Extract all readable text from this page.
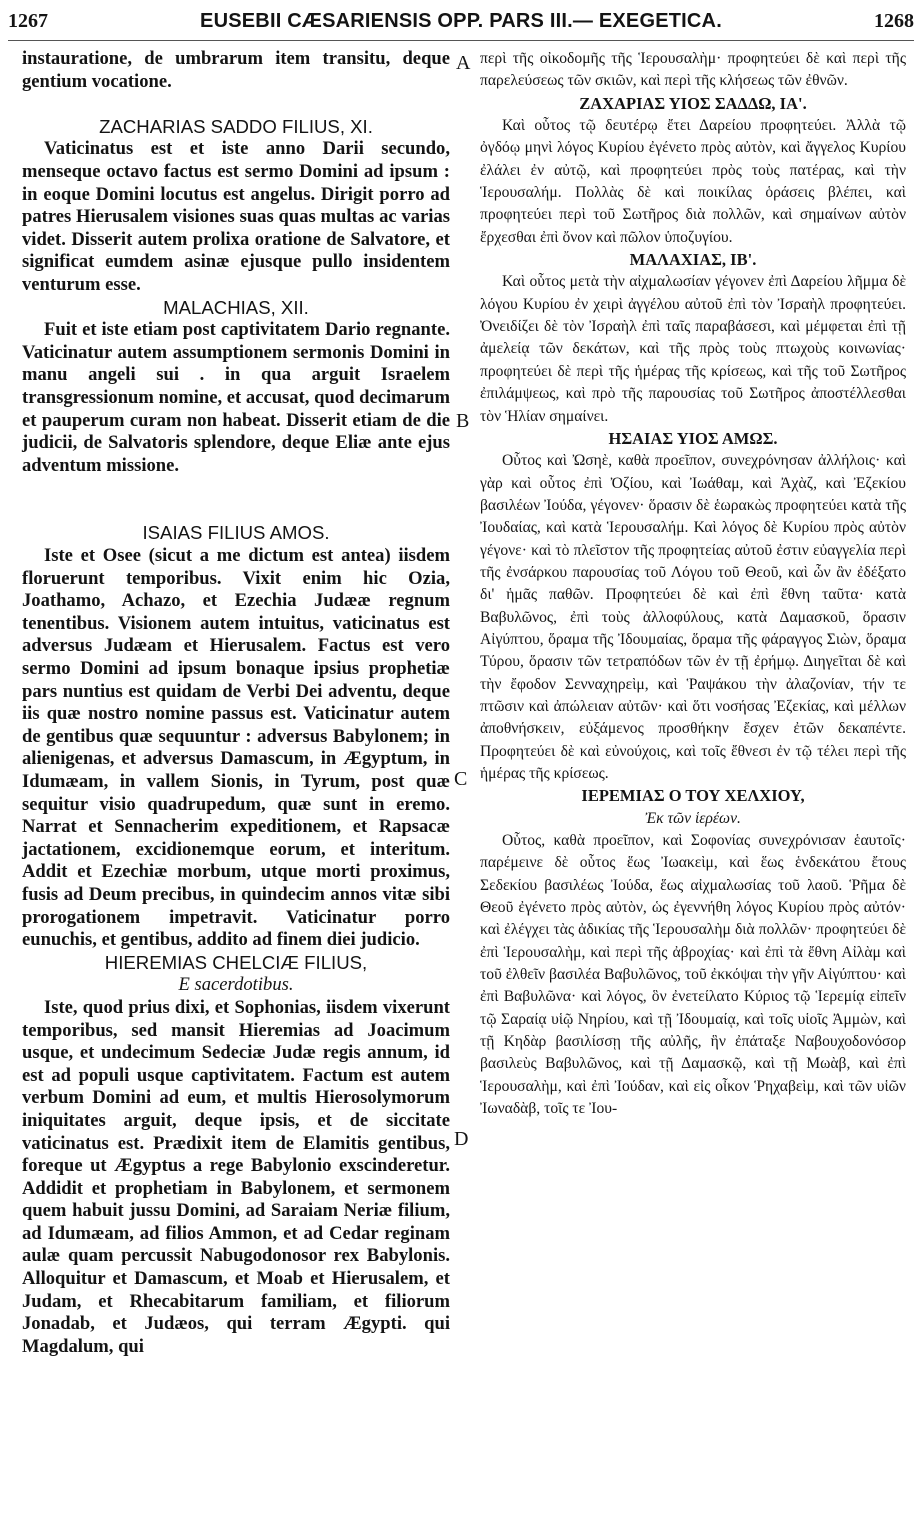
1267	EUSEBII CÆSARIENSIS OPP. PARS III.— EXEGETICA.	1268
A
B
C
D

instauratione, de umbrarum item transitu, deque gentium vocatione.

ZACHARIAS SADDO FILIUS, XI.

Vaticinatus est et iste anno Darii secundo, menseque octavo factus est sermo Domini ad ipsum : in eoque Domini locutus est angelus. Dirigit porro ad patres Hierusalem visiones suas quas multas ac varias videt. Disserit autem prolixa oratione de Salvatore, et significat eumdem asinæ ejusque pullo insidentem venturum esse.

MALACHIAS, XII.

Fuit et iste etiam post captivitatem Dario regnante. Vaticinatur autem assumptionem sermonis Domini in manu angeli sui . in qua arguit Israelem transgressionum nomine, et accusat, quod decimarum et pauperum curam non habeat. Disserit etiam de die judicii, de Salvatoris splendore, deque Eliæ ante ejus adventum missione.

ISAIAS FILIUS AMOS.

Iste et Osee (sicut a me dictum est antea) iisdem floruerunt temporibus. Vixit enim hic Ozia, Joathamo, Achazo, et Ezechia Judææ regnum tenentibus. Visionem autem intuitus, vaticinatus est adversus Judæam et Hierusalem. Factus est vero sermo Domini ad ipsum bonaque ipsius prophetiæ pars nuntius est quidam de Verbi Dei adventu, deque iis quæ nostro nomine passus est. Vaticinatur autem de gentibus quæ sequuntur : adversus Babylonem; in alienigenas, et adversus Damascum, in Ægyptum, in Idumæam, in vallem Sionis, in Tyrum, post quæ sequitur visio quadrupedum, quæ sunt in eremo. Narrat et Sennacherim expeditionem, et Rapsacæ jactationem, excidionemque eorum, et interitum. Addit et Ezechiæ morbum, utque morti proximus, fusis ad Deum precibus, in quindecim annos vitæ sibi prorogationem impetravit. Vaticinatur porro eunuchis, et gentibus, addito ad finem diei judicio.

HIEREMIAS CHELCIÆ FILIUS,
E sacerdotibus.

Iste, quod prius dixi, et Sophonias, iisdem vixerunt temporibus, sed mansit Hieremias ad Joacimum usque, et undecimum Sedeciæ Judæ regis annum, id est ad populi usque captivitatem. Factum est autem verbum Domini ad eum, et multis Hierosolymorum iniquitates arguit, deque ipsis, et de siccitate vaticinatus est. Prædixit item de Elamitis gentibus, foreque ut Ægyptus a rege Babylonio exscinderetur. Addidit et prophetiam in Babylonem, et sermonem quem habuit jussu Domini, ad Saraiam Neriæ filium, ad Idumæam, ad filios Ammon, et ad Cedar reginam aulæ quam percussit Nabugodonosor rex Babylonis. Alloquitur et Damascum, et Moab et Hierusalem, et Judam, et Rhecabitarum familiam, et filiorum Jonadab, et Judæos, qui terram Ægypti. qui Magdalum, qui

περὶ τῆς οἰκοδομῆς τῆς Ἱερουσαλὴμ· προφητεύει δὲ καὶ περὶ τῆς παρελεύσεως τῶν σκιῶν, καὶ περὶ τῆς κλήσεως τῶν ἐθνῶν.

ΖΑΧΑΡΙΑΣ ΥΙΟΣ ΣΑΔΔΩ, ΙΑ'.

Καὶ οὗτος τῷ δευτέρῳ ἔτει Δαρείου προφητεύει. Ἀλλὰ τῷ ὀγδόῳ μηνὶ λόγος Κυρίου ἐγένετο πρὸς αὐτὸν, καὶ ἄγγελος Κυρίου ἐλάλει ἐν αὐτῷ, καὶ προφητεύει πρὸς τοὺς πατέρας, καὶ τὴν Ἱερουσαλήμ. Πολλὰς δὲ καὶ ποικίλας ὁράσεις βλέπει, καὶ προφητεύει περὶ τοῦ Σωτῆρος διὰ πολλῶν, καὶ σημαίνων αὐτὸν ἔρχεσθαι ἐπὶ ὄνον καὶ πῶλον ὑποζυγίου.

ΜΑΛΑΧΙΑΣ, ΙΒ'.

Καὶ οὗτος μετὰ τὴν αἰχμαλωσίαν γέγονεν ἐπὶ Δαρείου λῆμμα δὲ λόγου Κυρίου ἐν χειρὶ ἀγγέλου αὐτοῦ ἐπὶ τὸν Ἰσραὴλ προφητεύει. Ὀνειδίζει δὲ τὸν Ἰσραὴλ ἐπὶ ταῖς παραβάσεσι, καὶ μέμφεται ἐπὶ τῇ ἀμελείᾳ τῶν δεκάτων, καὶ τῆς πρὸς τοὺς πτωχοὺς κοινωνίας· προφητεύει δὲ περὶ τῆς ἡμέρας τῆς κρίσεως, καὶ τῆς τοῦ Σωτῆρος ἐπιλάμψεως, καὶ πρὸ τῆς παρουσίας τοῦ Σωτῆρος ἀποστέλλεσθαι τὸν Ἡλίαν σημαίνει.

ΗΣΑΙΑΣ ΥΙΟΣ ΑΜΩΣ.

Οὗτος καὶ Ὠσηὲ, καθὰ προεῖπον, συνεχρόνησαν ἀλλήλοις· καὶ γὰρ καὶ οὗτος ἐπὶ Ὀζίου, καὶ Ἰωάθαμ, καὶ Ἀχὰζ, καὶ Ἐζεκίου βασιλέων Ἰούδα, γέγονεν· ὅρασιν δὲ ἑωρακὼς προφητεύει κατὰ τῆς Ἰουδαίας, καὶ κατὰ Ἱερουσαλήμ. Καὶ λόγος δὲ Κυρίου πρὸς αὐτὸν γέγονε· καὶ τὸ πλεῖστον τῆς προφητείας αὐτοῦ ἐστιν εὐαγγελία περὶ τῆς ἐνσάρκου παρουσίας τοῦ Λόγου τοῦ Θεοῦ, καὶ ὧν ἂν ἐδέξατο δι' ἡμᾶς παθῶν. Προφητεύει δὲ καὶ ἐπὶ ἔθνη ταῦτα· κατὰ Βαβυλῶνος, ἐπὶ τοὺς ἀλλοφύλους, κατὰ Δαμασκοῦ, ὅρασιν Αἰγύπτου, ὅραμα τῆς Ἰδουμαίας, ὅραμα τῆς φάραγγος Σιὼν, ὅραμα Τύρου, ὅρασιν τῶν τετραπόδων τῶν ἐν τῇ ἐρήμῳ. Διηγεῖται δὲ καὶ τὴν ἔφοδον Σενναχηρεὶμ, καὶ Ῥαψάκου τὴν ἀλαζονίαν, τήν τε πτῶσιν καὶ ἀπώλειαν αὐτῶν· καὶ ὅτι νοσήσας Ἐζεκίας, καὶ μέλλων ἀποθνήσκειν, εὐξάμενος προσθήκην ἔσχεν ἐτῶν δεκαπέντε. Προφητεύει δὲ καὶ εὐνούχοις, καὶ τοῖς ἔθνεσι ἐν τῷ τέλει περὶ τῆς ἡμέρας τῆς κρίσεως.

ΙΕΡΕΜΙΑΣ Ο ΤΟΥ ΧΕΛΧΙΟΥ,
Ἐκ τῶν ἱερέων.

Οὗτος, καθὰ προεῖπον, καὶ Σοφονίας συνεχρόνισαν ἑαυτοῖς· παρέμεινε δὲ οὗτος ἕως Ἰωακεὶμ, καὶ ἕως ἑνδεκάτου ἔτους Σεδεκίου βασιλέως Ἰούδα, ἕως αἰχμαλωσίας τοῦ λαοῦ. Ῥῆμα δὲ Θεοῦ ἐγένετο πρὸς αὐτὸν, ὡς ἐγεννήθη λόγος Κυρίου πρὸς αὐτόν· καὶ ἐλέγχει τὰς ἀδικίας τῆς Ἱερουσαλὴμ διὰ πολλῶν· προφητεύει δὲ ἐπὶ Ἱερουσαλὴμ, καὶ περὶ τῆς ἀβροχίας· καὶ ἐπὶ τὰ ἔθνη Αἰλὰμ καὶ τοῦ ἐλθεῖν βασιλέα Βαβυλῶνος, τοῦ ἐκκόψαι τὴν γῆν Αἰγύπτου· καὶ ἐπὶ Βαβυλῶνα· καὶ λόγος, ὃν ἐνετείλατο Κύριος τῷ Ἱερεμίᾳ εἰπεῖν τῷ Σαραίᾳ υἱῷ Νηρίου, καὶ τῇ Ἰδουμαίᾳ, καὶ τοῖς υἱοῖς Ἀμμὼν, καὶ τῇ Κηδὰρ βασιλίσσῃ τῆς αὐλῆς, ἣν ἐπάταξε Ναβουχοδονόσορ βασιλεὺς Βαβυλῶνος, καὶ τῇ Δαμασκῷ, καὶ τῇ Μωὰβ, καὶ ἐπὶ Ἱερουσαλὴμ, καὶ ἐπὶ Ἰούδαν, καὶ εἰς οἶκον Ῥηχαβεὶμ, καὶ τῶν υἱῶν Ἰωναδὰβ, τοῖς τε Ἰου-
